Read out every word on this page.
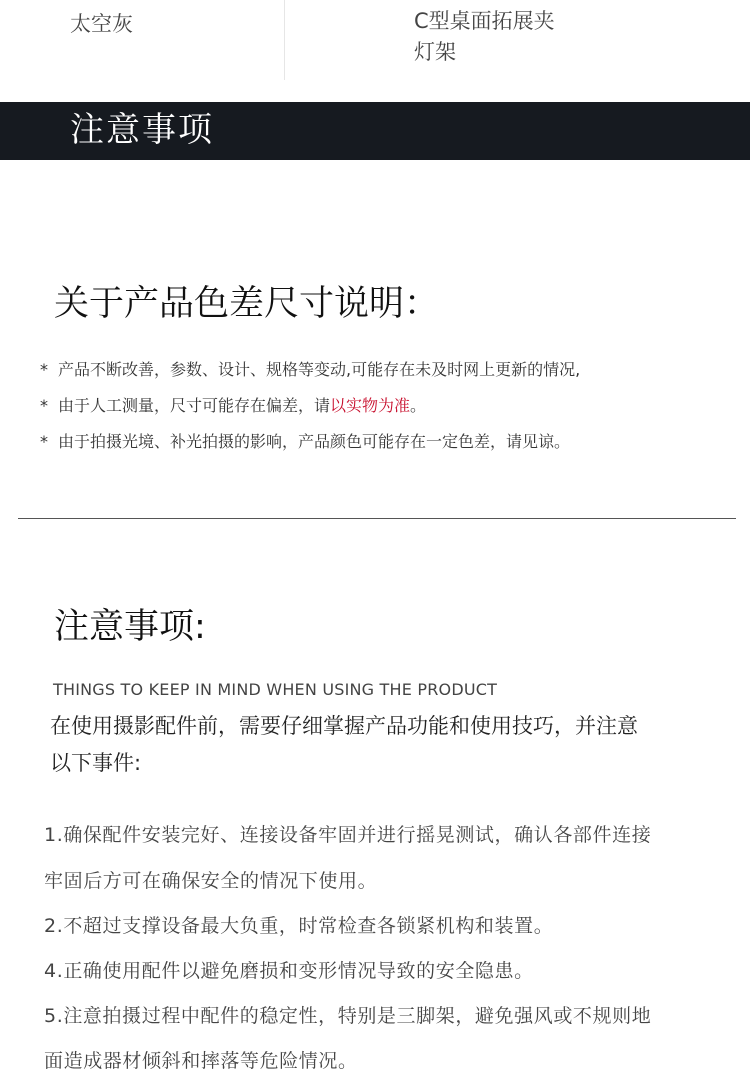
太空灰	C型桌面拓展夹
灯架
注意事项
关于产品色差尺寸说明：
* 产品不断改善，参数、设计、规格等变动,可能存在未及时网上更新的情况,
* 由于人工测量，尺寸可能存在偏差，请以实物为准。
* 由于拍摄光境、补光拍摄的影响，产品颜色可能存在一定色差，请见谅。
注意事项:
THINGS TO KEEP IN MIND WHEN USING THE PRODUCT
在使用摄影配件前，需要仔细掌握产品功能和使用技巧，并注意
以下事件:
1.确保配件安装完好、连接设备牢固并进行摇晃测试，确认各部件连接
牢固后方可在确保安全的情况下使用。
2.不超过支撑设备最大负重，时常检查各锁紧机构和装置。
4.正确使用配件以避免磨损和变形情况导致的安全隐患。
5.注意拍摄过程中配件的稳定性，特别是三脚架，避免强风或不规则地
面造成器材倾斜和摔落等危险情况。
